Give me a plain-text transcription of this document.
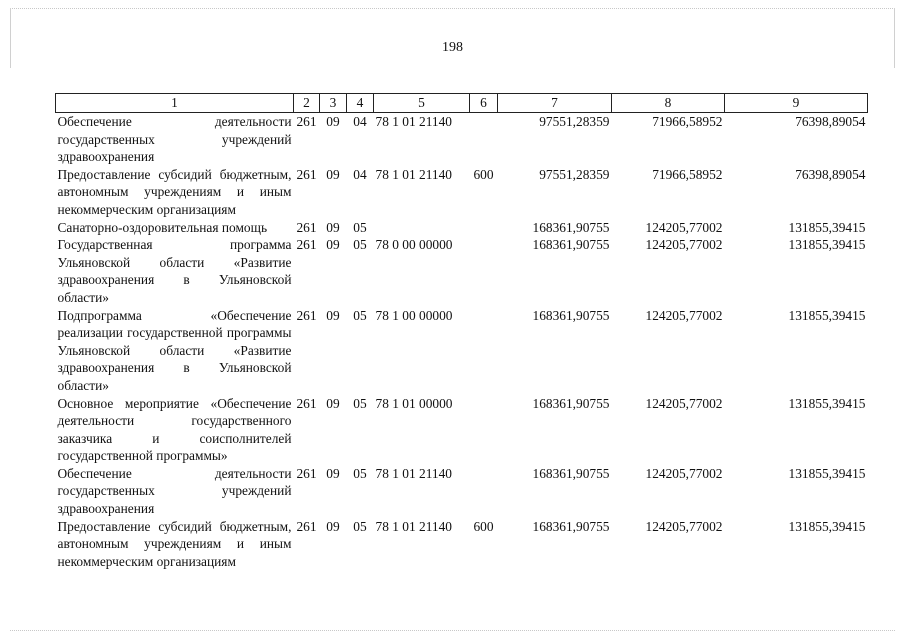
198
1	2	3	4	5	6	7	8	9
Обеспечение деятельности государственных учреждений здравоохранения	261	09	04	78 1 01 21140		97551,28359	71966,58952	76398,89054
Предоставление субсидий бюджетным, автономным учреждениям и иным некоммерческим организациям	261	09	04	78 1 01 21140	600	97551,28359	71966,58952	76398,89054
Санаторно-оздоровительная помощь	261	09	05			168361,90755	124205,77002	131855,39415
Государственная программа Ульяновской области «Развитие здравоохранения в Ульяновской области»	261	09	05	78 0 00 00000		168361,90755	124205,77002	131855,39415
Подпрограмма «Обеспечение реализации государственной программы Ульяновской области «Развитие здравоохранения в Ульяновской области»	261	09	05	78 1 00 00000		168361,90755	124205,77002	131855,39415
Основное мероприятие «Обеспечение деятельности государственного заказчика и соисполнителей государственной программы»	261	09	05	78 1 01 00000		168361,90755	124205,77002	131855,39415
Обеспечение деятельности государственных учреждений здравоохранения	261	09	05	78 1 01 21140		168361,90755	124205,77002	131855,39415
Предоставление субсидий бюджетным, автономным учреждениям и иным некоммерческим организациям	261	09	05	78 1 01 21140	600	168361,90755	124205,77002	131855,39415
